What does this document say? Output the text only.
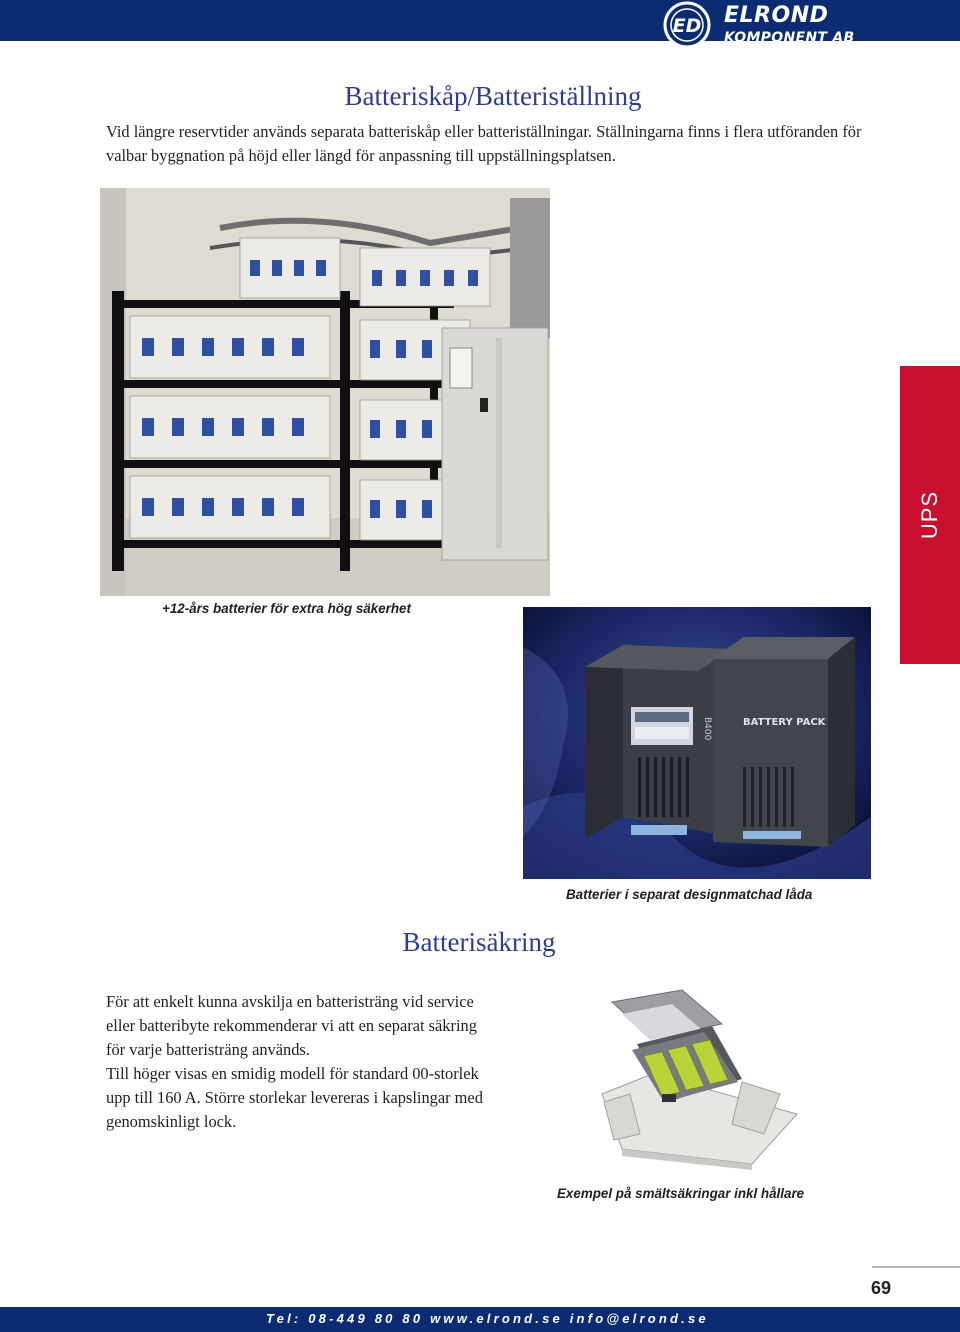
ED ELROND
KOMPONENT AB
Batteriskåp/Batteriställning

Vid längre reservtider används separata batteriskåp eller batteriställningar. Ställningarna finns i flera utföranden för valbar byggnation på höjd eller längd för anpassning till uppställningsplatsen.

+12-års batterier för extra hög säkerhet
UPS
B400	BATTERY PACK
Batterier i separat designmatchad låda
Batterisäkring
För att enkelt kunna avskilja en batteristräng vid service eller batteribyte rekommenderar vi att en separat säkring för varje batteristräng används.
Till höger visas en smidig modell för standard 00-storlek upp till 160 A. Större storlekar levereras i kapslingar med genomskinligt lock.
Exempel på smältsäkringar inkl hållare
69
Tel: 08-449 80 80 www.elrond.se info@elrond.se
